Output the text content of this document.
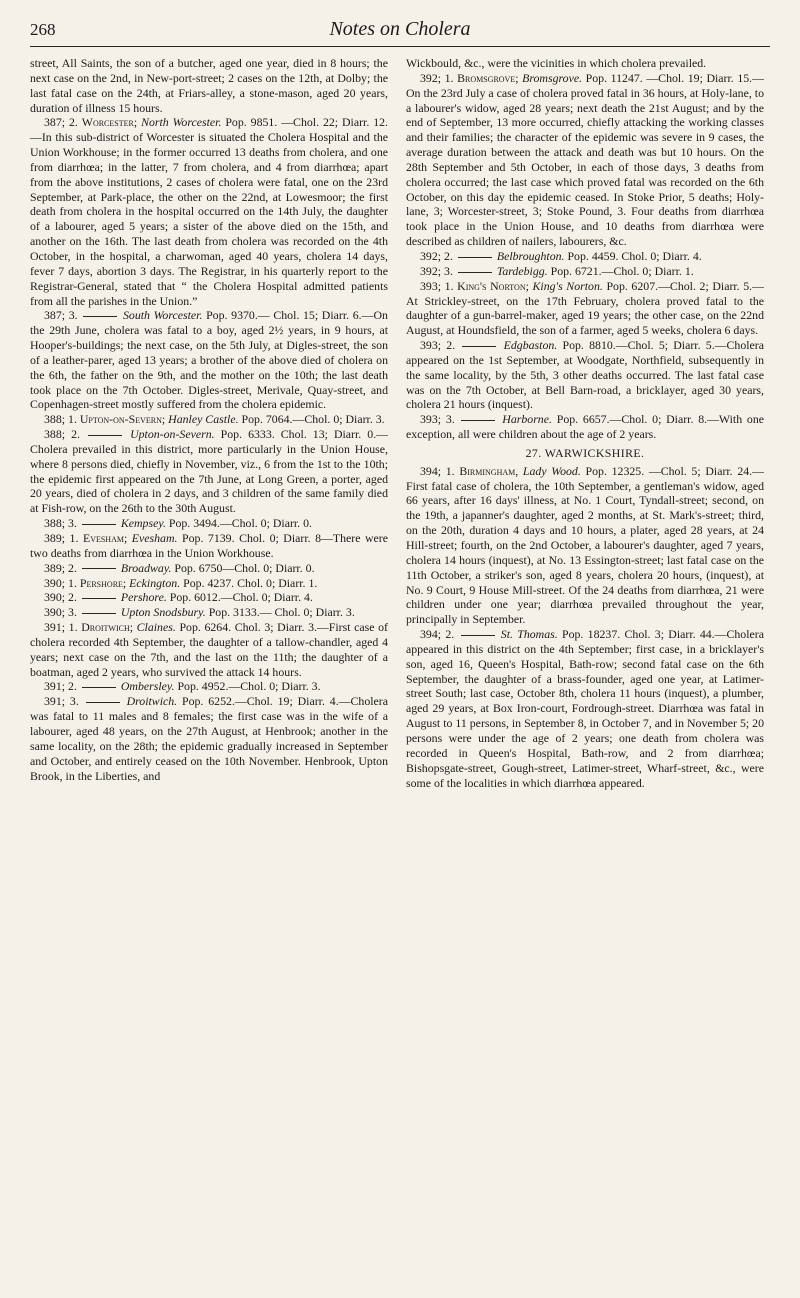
268	Notes on Cholera

street, All Saints, the son of a butcher, aged one year, died in 8 hours; the next case on the 2nd, in New-port-street; 2 cases on the 12th, at Dolby; the last fatal case on the 24th, at Friars-alley, a stone-mason, aged 20 years, duration of illness 15 hours.

387; 2. Worcester; North Worcester. Pop. 9851. —Chol. 22; Diarr. 12.—In this sub-district of Worcester is situated the Cholera Hospital and the Union Workhouse; in the former occurred 13 deaths from cholera, and one from diarrhœa; in the latter, 7 from cholera, and 4 from diarrhœa; apart from the above institutions, 2 cases of cholera were fatal, one on the 23rd September, at Park-place, the other on the 22nd, at Lowesmoor; the first death from cholera in the hospital occurred on the 14th July, the daughter of a labourer, aged 5 years; a sister of the above died on the 15th, and another on the 16th. The last death from cholera was recorded on the 4th October, in the hospital, a charwoman, aged 40 years, cholera 14 days, fever 7 days, abortion 3 days. The Registrar, in his quarterly report to the Registrar-General, stated that “ the Cholera Hospital admitted patients from all the parishes in the Union.”

387; 3.	South Worcester. Pop. 9370.— Chol. 15; Diarr. 6.—On the 29th June, cholera was fatal to a boy, aged 2½ years, in 9 hours, at Hooper's-buildings; the next case, on the 5th July, at Digles-street, the son of a leather-parer, aged 13 years; a brother of the above died of cholera on the 6th, the father on the 9th, and the mother on the 10th; the last death took place on the 7th October. Digles-street, Merivale, Quay-street, and Copenhagen-street mostly suffered from the cholera epidemic.

388; 1. Upton-on-Severn; Hanley Castle. Pop. 7064.—Chol. 0; Diarr. 3.

388; 2.	Upton-on-Severn. Pop. 6333. Chol. 13; Diarr. 0.—Cholera prevailed in this district, more particularly in the Union House, where 8 persons died, chiefly in November, viz., 6 from the 1st to the 10th; the epidemic first appeared on the 7th June, at Long Green, a porter, aged 20 years, died of cholera in 2 days, and 3 children of the same family died at Fish-row, on the 26th to the 30th August.

388; 3.	Kempsey. Pop. 3494.—Chol. 0; Diarr. 0.

389; 1. Evesham; Evesham. Pop. 7139. Chol. 0; Diarr. 8—There were two deaths from diarrhœa in the Union Workhouse.

389; 2.	Broadway. Pop. 6750—Chol. 0; Diarr. 0.

390; 1. Pershore; Eckington. Pop. 4237. Chol. 0; Diarr. 1.

390; 2.	Pershore. Pop. 6012.—Chol. 0; Diarr. 4.

390; 3.	Upton Snodsbury. Pop. 3133.— Chol. 0; Diarr. 3.

391; 1. Droitwich; Claines. Pop. 6264. Chol. 3; Diarr. 3.—First case of cholera recorded 4th September, the daughter of a tallow-chandler, aged 4 years; next case on the 7th, and the last on the 11th; the daughter of a boatman, aged 2 years, who survived the attack 14 hours.

391; 2.	Ombersley. Pop. 4952.—Chol. 0; Diarr. 3.

391; 3.	Droitwich. Pop. 6252.—Chol. 19; Diarr. 4.—Cholera was fatal to 11 males and 8 females; the first case was in the wife of a labourer, aged 48 years, on the 27th August, at Henbrook; another in the same locality, on the 28th; the epidemic gradually increased in September and October, and entirely ceased on the 10th November. Henbrook, Upton Brook, in the Liberties, and

Wickbould, &c., were the vicinities in which cholera prevailed.

392; 1. Bromsgrove; Bromsgrove. Pop. 11247. —Chol. 19; Diarr. 15.—On the 23rd July a case of cholera proved fatal in 36 hours, at Holy-lane, to a labourer's widow, aged 28 years; next death the 21st August; and by the end of September, 13 more occurred, chiefly attacking the working classes and their families; the character of the epidemic was severe in 9 cases, the average duration between the attack and death was but 10 hours. On the 28th September and 5th October, in each of those days, 3 deaths from cholera occurred; the last case which proved fatal was recorded on the 6th October, on this day the epidemic ceased. In Stoke Prior, 5 deaths; Holy-lane, 3; Worcester-street, 3; Stoke Pound, 3. Four deaths from diarrhœa took place in the Union House, and 10 deaths from diarrhœa were described as children of nailers, labourers, &c.

392; 2.	Belbroughton. Pop. 4459. Chol. 0; Diarr. 4.

392; 3.	Tardebigg. Pop. 6721.—Chol. 0; Diarr. 1.

393; 1. King's Norton; King's Norton. Pop. 6207.—Chol. 2; Diarr. 5.—At Strickley-street, on the 17th February, cholera proved fatal to the daughter of a gun-barrel-maker, aged 19 years; the other case, on the 22nd August, at Houndsfield, the son of a farmer, aged 5 weeks, cholera 6 days.

393; 2.	Edgbaston. Pop. 8810.—Chol. 5; Diarr. 5.—Cholera appeared on the 1st September, at Woodgate, Northfield, subsequently in the same locality, by the 5th, 3 other deaths occurred. The last fatal case was on the 7th October, at Bell Barn-road, a bricklayer, aged 30 years, cholera 21 hours (inquest).

393; 3.	Harborne. Pop. 6657.—Chol. 0; Diarr. 8.—With one exception, all were children about the age of 2 years.

27. WARWICKSHIRE.

394; 1. Birmingham, Lady Wood. Pop. 12325. —Chol. 5; Diarr. 24.—First fatal case of cholera, the 10th September, a gentleman's widow, aged 66 years, after 16 days' illness, at No. 1 Court, Tyndall-street; second, on the 19th, a japanner's daughter, aged 2 months, at St. Mark's-street; third, on the 20th, duration 4 days and 10 hours, a plater, aged 28 years, at 24 Hill-street; fourth, on the 2nd October, a labourer's daughter, aged 7 years, cholera 14 hours (inquest), at No. 13 Essington-street; last fatal case on the 11th October, a striker's son, aged 8 years, cholera 20 hours, (inquest), at No. 9 Court, 9 House Mill-street. Of the 24 deaths from diarrhœa, 21 were children under one year; diarrhœa prevailed throughout the year, principally in September.

394; 2.	St. Thomas. Pop. 18237. Chol. 3; Diarr. 44.—Cholera appeared in this district on the 4th September; first case, in a bricklayer's son, aged 16, Queen's Hospital, Bath-row; second fatal case on the 6th September, the daughter of a brass-founder, aged one year, at Latimer-street South; last case, October 8th, cholera 11 hours (inquest), a plumber, aged 29 years, at Box Iron-court, Fordrough-street. Diarrhœa was fatal in August to 11 persons, in September 8, in October 7, and in November 5; 20 persons were under the age of 2 years; one death from cholera was recorded in Queen's Hospital, Bath-row, and 2 from diarrhœa; Bishopsgate-street, Gough-street, Latimer-street, Wharf-street, &c., were some of the localities in which diarrhœa appeared.
